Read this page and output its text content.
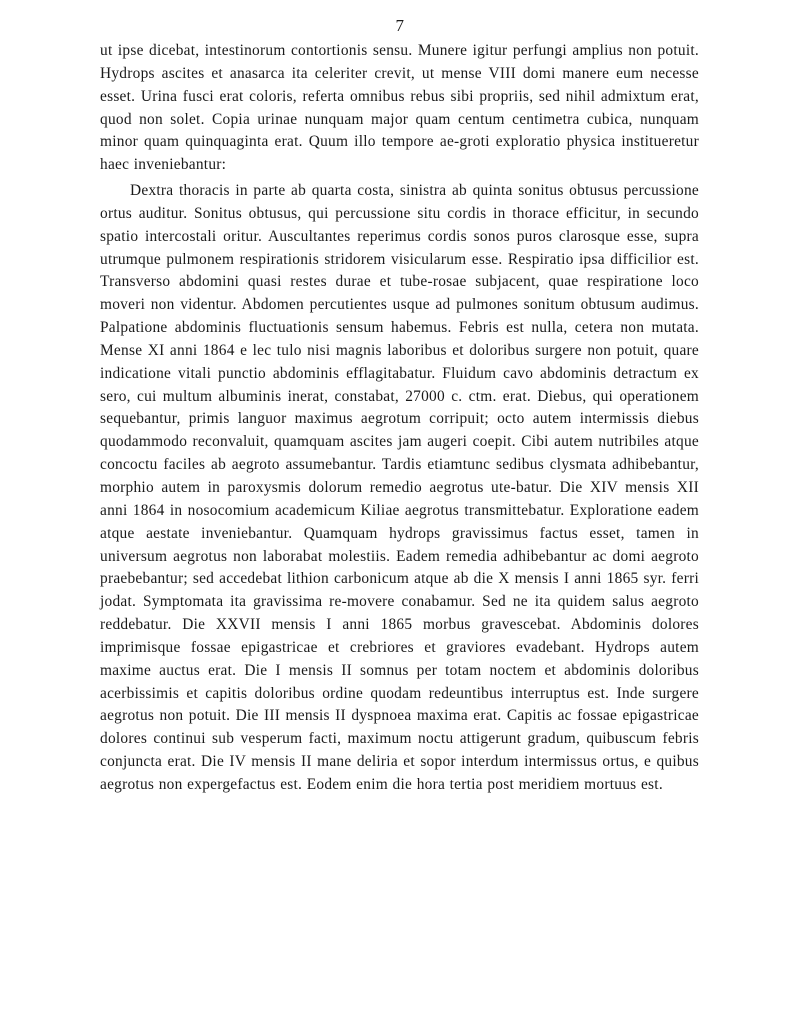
7

ut ipse dicebat, intestinorum contortionis sensu. Munere igitur perfungi amplius non potuit. Hydrops ascites et anasarca ita celeriter crevit, ut mense VIII domi manere eum necesse esset. Urina fusci erat coloris, referta omnibus rebus sibi propriis, sed nihil admixtum erat, quod non solet. Copia urinae nunquam major quam centum centimetra cubica, nunquam minor quam quinquaginta erat. Quum illo tempore ae-groti exploratio physica institueretur haec inveniebantur:

Dextra thoracis in parte ab quarta costa, sinistra ab quinta sonitus obtusus percussione ortus auditur. Sonitus obtusus, qui percussione situ cordis in thorace efficitur, in secundo spatio intercostali oritur. Auscultantes reperimus cordis sonos puros clarosque esse, supra utrumque pulmonem respirationis stridorem visicularum esse. Respiratio ipsa difficilior est. Transverso abdomini quasi restes durae et tube-rosae subjacent, quae respiratione loco moveri non videntur. Abdomen percutientes usque ad pulmones sonitum obtusum audimus. Palpatione abdominis fluctuationis sensum habemus. Febris est nulla, cetera non mutata. Mense XI anni 1864 e lec tulo nisi magnis laboribus et doloribus surgere non potuit, quare indicatione vitali punctio abdominis efflagitabatur. Fluidum cavo abdominis detractum ex sero, cui multum albuminis inerat, constabat, 27000 c. ctm. erat. Diebus, qui operationem sequebantur, primis languor maximus aegrotum corripuit; octo autem intermissis diebus quodammodo reconvaluit, quamquam ascites jam augeri coepit. Cibi autem nutribiles atque concoctu faciles ab aegroto assumebantur. Tardis etiamtunc sedibus clysmata adhibebantur, morphio autem in paroxysmis dolorum remedio aegrotus ute-batur. Die XIV mensis XII anni 1864 in nosocomium academicum Kiliae aegrotus transmittebatur. Exploratione eadem atque aestate inveniebantur. Quamquam hydrops gravissimus factus esset, tamen in universum aegrotus non laborabat molestiis. Eadem remedia adhibebantur ac domi aegroto praebebantur; sed accedebat lithion carbonicum atque ab die X mensis I anni 1865 syr. ferri jodat. Symptomata ita gravissima re-movere conabamur. Sed ne ita quidem salus aegroto reddebatur. Die XXVII mensis I anni 1865 morbus gravescebat. Abdominis dolores imprimisque fossae epigastricae et crebriores et graviores evadebant. Hydrops autem maxime auctus erat. Die I mensis II somnus per totam noctem et abdominis doloribus acerbissimis et capitis doloribus ordine quodam redeuntibus interruptus est. Inde surgere aegrotus non potuit. Die III mensis II dyspnoea maxima erat. Capitis ac fossae epigastricae dolores continui sub vesperum facti, maximum noctu attigerunt gradum, quibuscum febris conjuncta erat. Die IV mensis II mane deliria et sopor interdum intermissus ortus, e quibus aegrotus non expergefactus est. Eodem enim die hora tertia post meridiem mortuus est.
